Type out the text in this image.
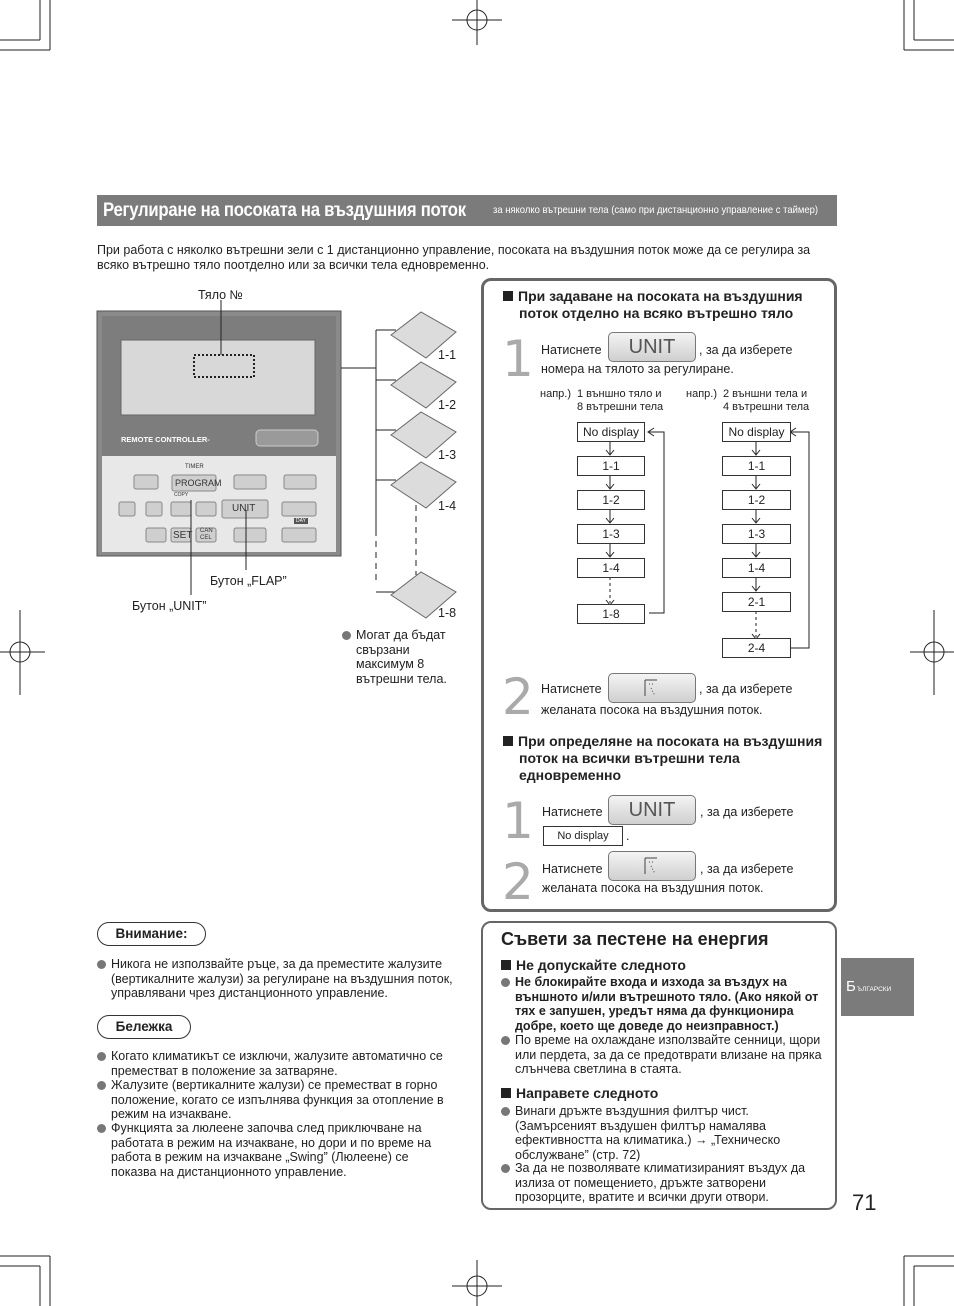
Регулиране на посоката на въздушния поток	за няколко вътрешни тела (само при дистанционно управление с таймер)
При работа с няколко вътрешни зели с 1 дистанционно управление, посоката на въздушния поток може да се регулира за всяко вътрешно тяло поотделно или за всички тела едновременно.
Тяло №
REMOTE CONTROLLER-
TIMER
PROGRAM
COPY
UNIT
SET CAN CEL
DAY
1-1
1-2
1-3
1-4
1-8
Бутон „FLAP”
Бутон „UNIT”
Могат да бъдат свързани максимум 8 вътрешни тела.
При задаване на посоката на въздушния поток отделно на всяко вътрешно тяло
1 Натиснете	UNIT	, за да изберете
номера на тялото за регулиране.
напр.) 1 външно тяло и
8 вътрешни тела
напр.) 2 външни тела и
4 вътрешни тела
No display
1-1
1-2
1-3
1-4
1-8
No display
1-1
1-2
1-3
1-4
2-1
2-4
2 Натиснете	, за да изберете
желаната посока на въздушния поток.
При определяне на посоката на въздушния поток на всички вътрешни тела едновременно
1 Натиснете	UNIT	, за да изберете
No display	.
2 Натиснете	, за да изберете
желаната посока на въздушния поток.
Внимание:
Никога не използвайте ръце, за да преместите жалузите (вертикалните жалузи) за регулиране на въздушния поток, управлявани чрез дистанционното управление.
Бележка
Когато климатикът се изключи, жалузите автоматично се преместват в положение за затваряне.
Жалузите (вертикалните жалузи) се преместват в горно положение, когато се изпълнява функция за отопление в режим на изчакване.
Функцията за люлеене започва след приключване на работата в режим на изчакване, но дори и по време на работа в режим на изчакване „Swing” (Люлеене) се показва на дистанционното управление.
Съвети за пестене на енергия
Не допускайте следното
Не блокирайте входа и изхода за въздух на външното и/или вътрешното тяло. (Ако някой от тях е запушен, уредът няма да функционира добре, което ще доведе до неизправност.)
По време на охлаждане използвайте сенници, щори или пердета, за да се предотврати влизане на пряка слънчева светлина в стаята.
Направете следното
Винаги дръжте въздушния филтър чист. (Замърсеният въздушен филтър намалява ефективността на климатика.) → „Техническо обслужване” (стр. 72)
За да не позволявате климатизираният въздух да излиза от помещението, дръжте затворени прозорците, вратите и всички други отвори.
Б ЪЛГАРСКИ
71
